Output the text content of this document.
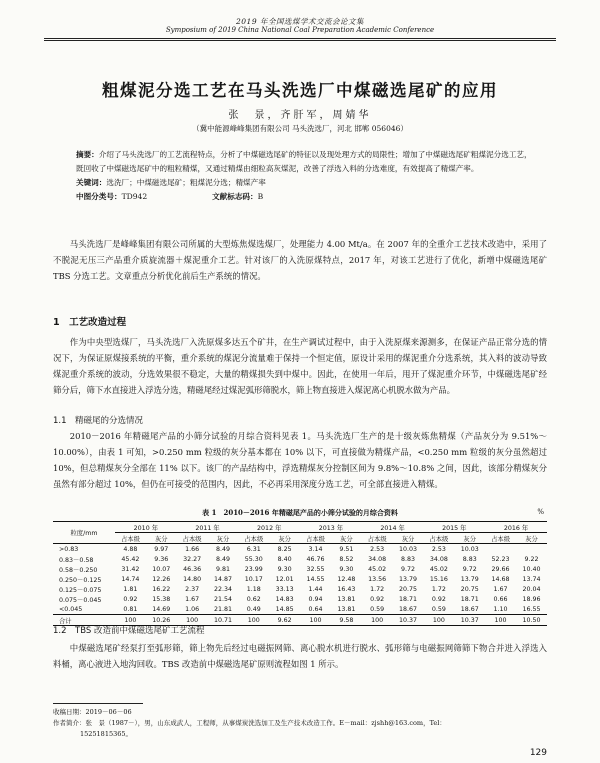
2019 年全国选煤学术交流会论文集
Symposium of 2019 China National Coal Preparation Academic Conference
粗煤泥分选工艺在马头洗选厂中煤磁选尾矿的应用
张　景，齐肝军，周婧华
（冀中能源峰峰集团有限公司 马头洗选厂，河北 邯郸 056046）
摘要：介绍了马头洗选厂的工艺流程特点，分析了中煤磁选尾矿的特征以及现处理方式的局限性；增加了中煤磁选尾矿粗煤泥分选工艺，既回收了中煤磁选尾矿中的粗粒精煤，又通过精煤由细粒高灰煤泥，改善了浮选入料的分选难度，有效提高了精煤产率。
关键词：选洗厂；中煤磁选尾矿；粗煤泥分选；精煤产率
中图分类号：TD942	文献标志码：B

马头洗选厂是峰峰集团有限公司所属的大型炼焦煤选煤厂，处理能力 4.00 Mt/a。在 2007 年的全重介工艺技术改造中，采用了不脱泥无压三产品重介质旋流器＋煤泥重介工艺。针对该厂的入洗原煤特点，2017 年，对该工艺进行了优化，新增中煤磁选尾矿 TBS 分选工艺。文章重点分析优化前后生产系统的情况。

1　工艺改造过程

作为中央型选煤厂，马头洗选厂入洗原煤多达五个矿井，在生产调试过程中，由于入洗原煤来源测多，在保证产品正常分选的情况下，为保证原煤接系统的平衡，重介系统的煤泥分流量难于保持一个恒定值，原设计采用的煤泥重介分选系统，其入料的波动导致煤泥重介系统的波动，分选效果很不稳定，大量的精煤损失到中煤中。因此，在使用一年后，甩开了煤泥重介环节，中煤磁选尾矿经筛分后，筛下水直接进入浮选分选，精磁尾经过煤泥弧形筛脱水，筛上物直接进入煤泥离心机脱水做为产品。

1.1　精磁尾的分选情况

2010－2016 年精磁尾产品的小筛分试验的月综合资料见表 1。马头洗选厂生产的是十级灰炼焦精煤（产品灰分为 9.51%～10.00%），由表 1 可知，>0.250 mm 粒级的灰分基本都在 10% 以下，可直接做为精煤产品，<0.250 mm 粒级的灰分虽然超过 10%，但总精煤灰分全部在 11% 以下。该厂的产品结构中，浮选精煤灰分控制区间为 9.8%～10.8% 之间，因此，该部分精煤灰分虽然有部分超过 10%，但仍在可接受的范围内，因此，不必再采用深度分选工艺，可全部直接进入精煤。

表 1　2010－2016 年精磁尾产品的小筛分试验的月综合资料	%
粒度/mm	2010 年		2011 年		2012 年		2013 年		2014 年		2015 年		2016 年	
	占本级	灰分	占本级	灰分	占本级	灰分	占本级	灰分	占本级	灰分	占本级	灰分	占本级	灰分
>0.83	4.88	9.97	1.66	8.49	6.31	8.25	3.14	9.51	2.53	10.03	2.53	10.03		
0.83－0.58	45.42	9.36	32.27	8.49	55.30	8.40	46.76	8.52	34.08	8.83	34.08	8.83	52.23	9.22
0.58－0.250	31.42	10.07	46.36	9.81	23.99	9.30	32.55	9.30	45.02	9.72	45.02	9.72	29.66	10.40
0.250－0.125	14.74	12.26	14.80	14.87	10.17	12.01	14.55	12.48	13.56	13.79	15.16	13.79	14.68	13.74
0.125－0.075	1.81	16.22	2.37	22.34	1.18	33.13	1.44	16.43	1.72	20.75	1.72	20.75	1.67	20.04
0.075－0.045	0.92	15.38	1.67	21.54	0.62	14.83	0.94	13.81	0.92	18.71	0.92	18.71	0.66	18.96
<0.045	0.81	14.69	1.06	21.81	0.49	14.85	0.64	13.81	0.59	18.67	0.59	18.67	1.10	16.55
合计	100	10.26	100	10.71	100	9.62	100	9.58	100	10.37	100	10.37	100	10.50
1.2　TBS 改造前中煤磁选尾矿工艺流程

中煤磁选尾矿经泵打至弧形筛，筛上物先后经过电磁振网筛、离心脱水机进行脱水、弧形筛与电磁振网筛筛下物合并进入浮选入料桶，离心液进入地沟回收。TBS 改造前中煤磁选尾矿原则流程如图 1 所示。

收稿日期：2019－06－06
作者简介：张　景（1987－），男，山东成武人，工程师，从事煤炭洗选加工及生产技术改造工作。E－mail：zjshh@163.com，Tel：
15251815365。
129
